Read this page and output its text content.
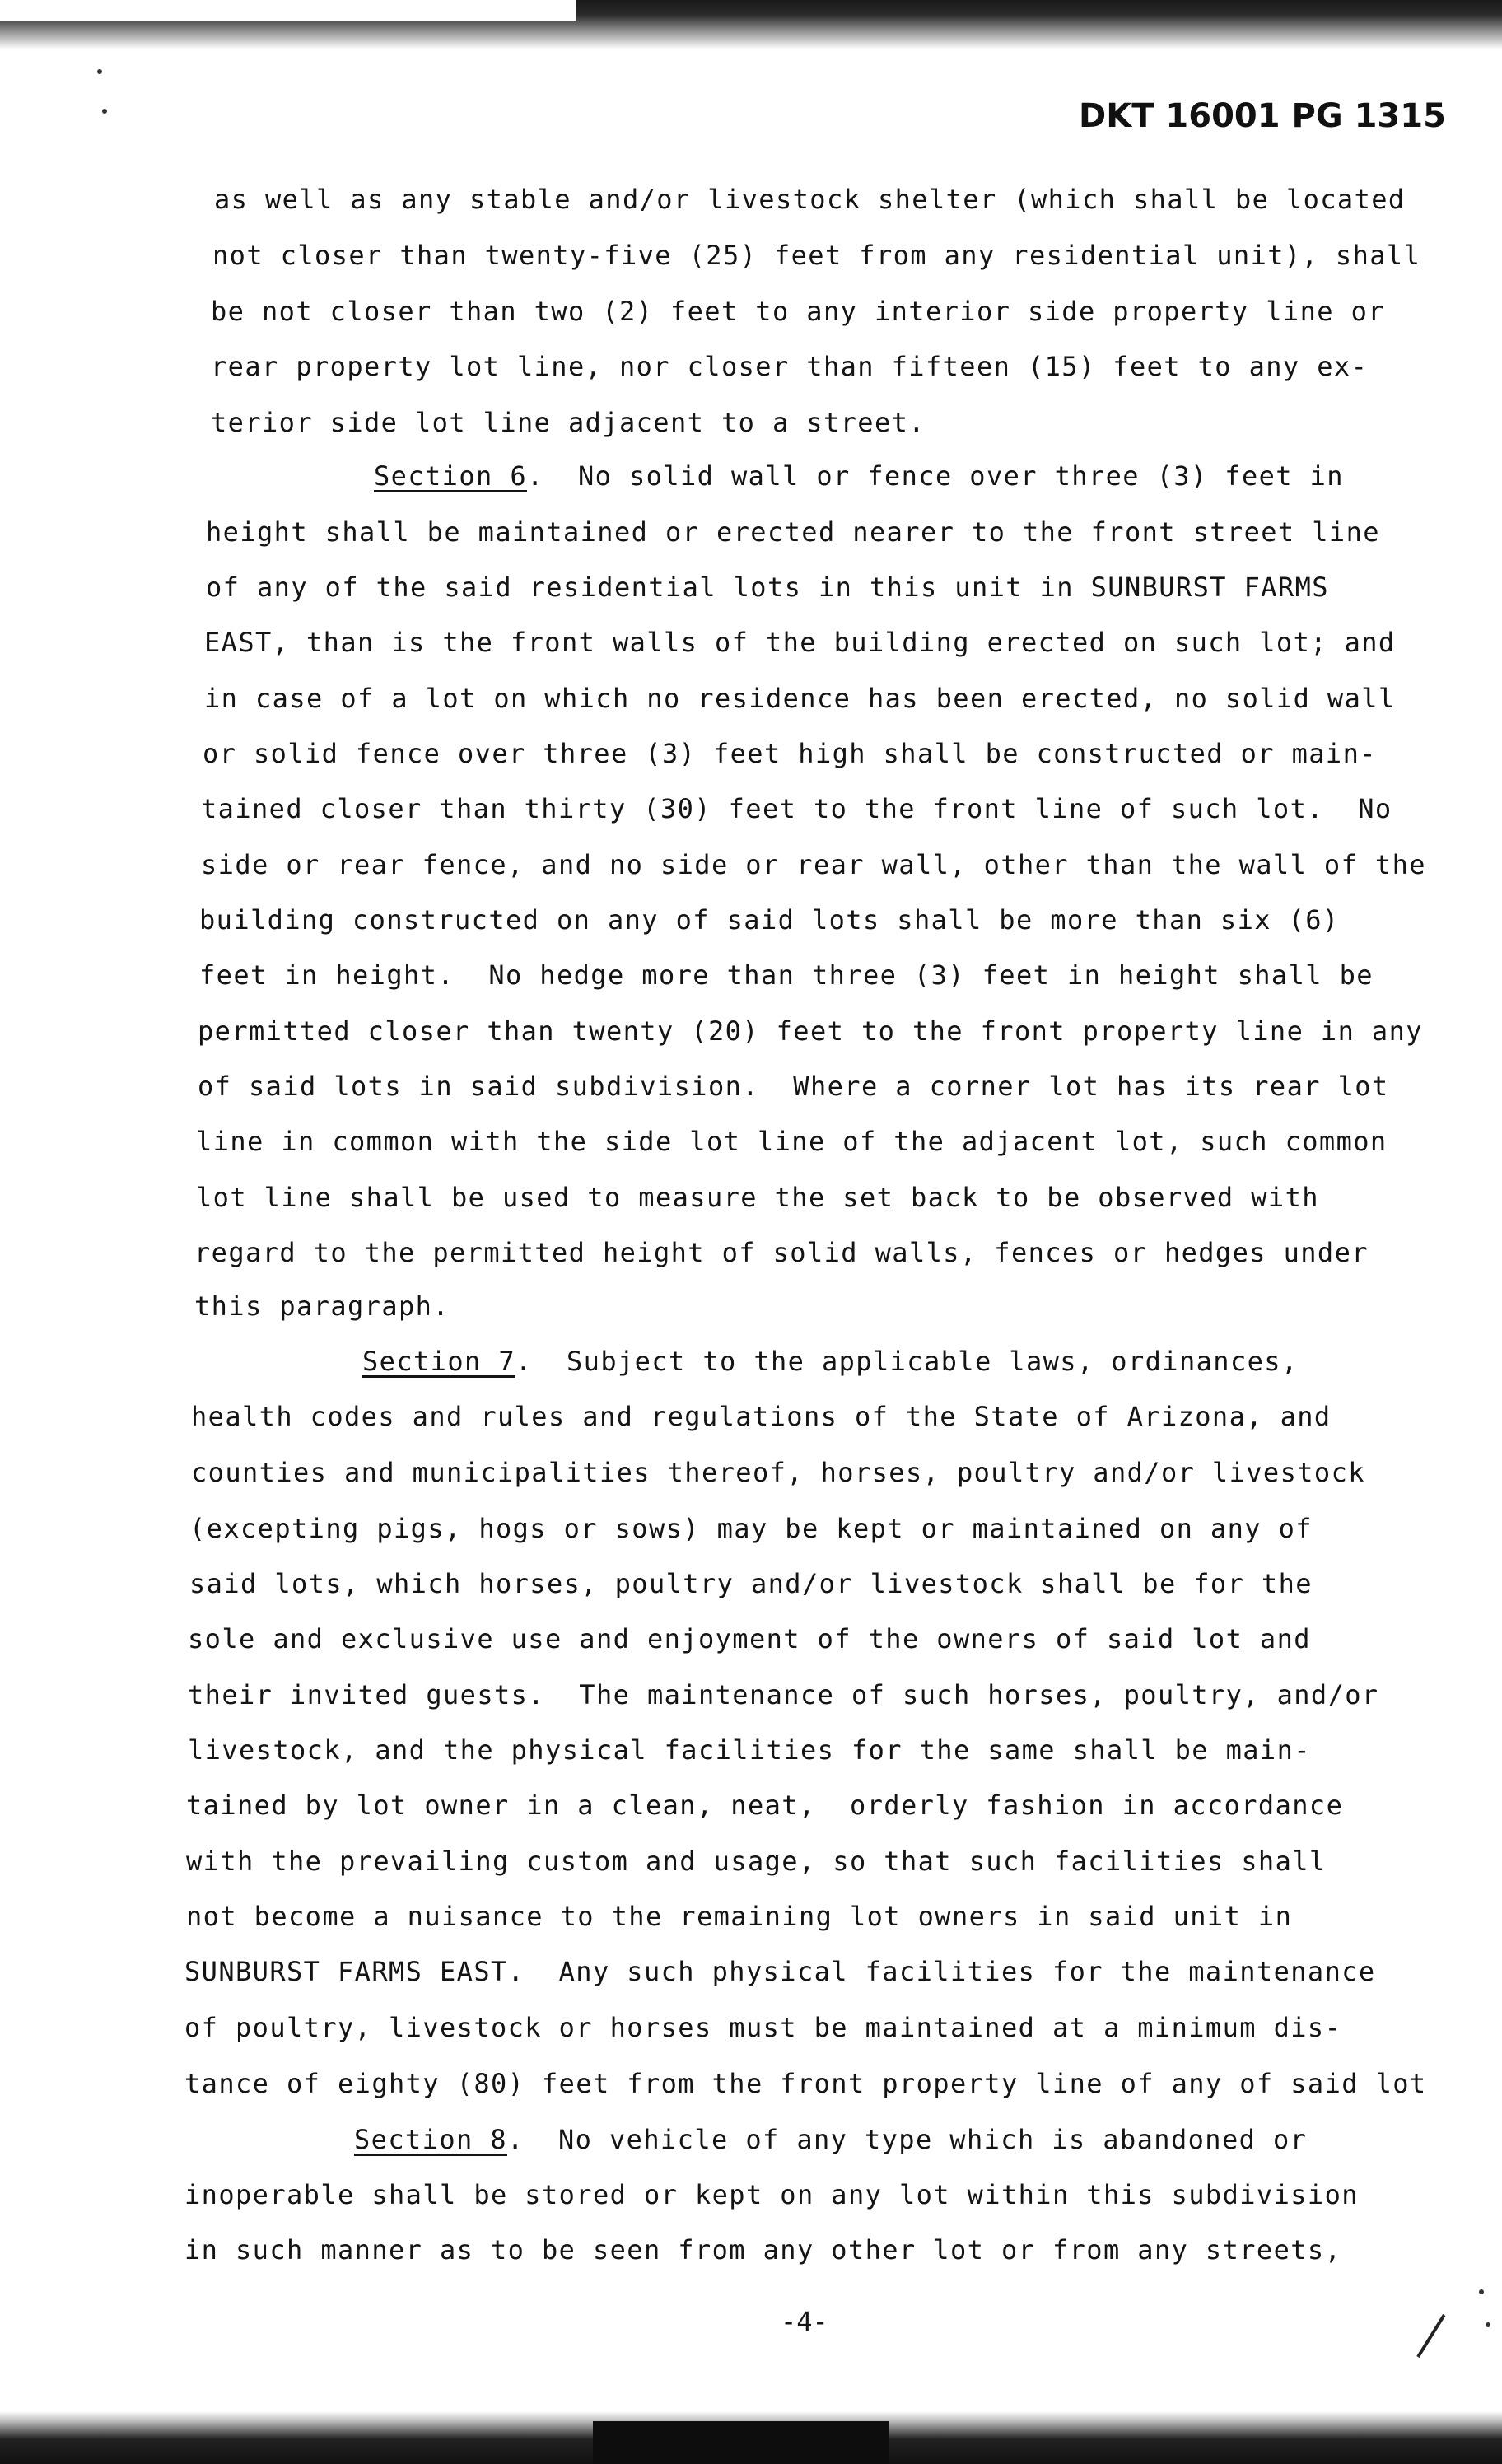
DKT 16001 PG 1315
as well as any stable and/or livestock shelter (which shall be located
not closer than twenty-five (25) feet from any residential unit), shall
be not closer than two (2) feet to any interior side property line or
rear property lot line, nor closer than fifteen (15) feet to any ex-
terior side lot line adjacent to a street.
Section 6.  No solid wall or fence over three (3) feet in
height shall be maintained or erected nearer to the front street line
of any of the said residential lots in this unit in SUNBURST FARMS
EAST, than is the front walls of the building erected on such lot; and
in case of a lot on which no residence has been erected, no solid wall
or solid fence over three (3) feet high shall be constructed or main-
tained closer than thirty (30) feet to the front line of such lot.  No
side or rear fence, and no side or rear wall, other than the wall of the
building constructed on any of said lots shall be more than six (6)
feet in height.  No hedge more than three (3) feet in height shall be
permitted closer than twenty (20) feet to the front property line in any
of said lots in said subdivision.  Where a corner lot has its rear lot
line in common with the side lot line of the adjacent lot, such common
lot line shall be used to measure the set back to be observed with
regard to the permitted height of solid walls, fences or hedges under
this paragraph.
Section 7.  Subject to the applicable laws, ordinances,
health codes and rules and regulations of the State of Arizona, and
counties and municipalities thereof, horses, poultry and/or livestock
(excepting pigs, hogs or sows) may be kept or maintained on any of
said lots, which horses, poultry and/or livestock shall be for the
sole and exclusive use and enjoyment of the owners of said lot and
their invited guests.  The maintenance of such horses, poultry, and/or
livestock, and the physical facilities for the same shall be main-
tained by lot owner in a clean, neat,  orderly fashion in accordance
with the prevailing custom and usage, so that such facilities shall
not become a nuisance to the remaining lot owners in said unit in
SUNBURST FARMS EAST.  Any such physical facilities for the maintenance
of poultry, livestock or horses must be maintained at a minimum dis-
tance of eighty (80) feet from the front property line of any of said lot
Section 8.  No vehicle of any type which is abandoned or
inoperable shall be stored or kept on any lot within this subdivision
in such manner as to be seen from any other lot or from any streets,
-4-
